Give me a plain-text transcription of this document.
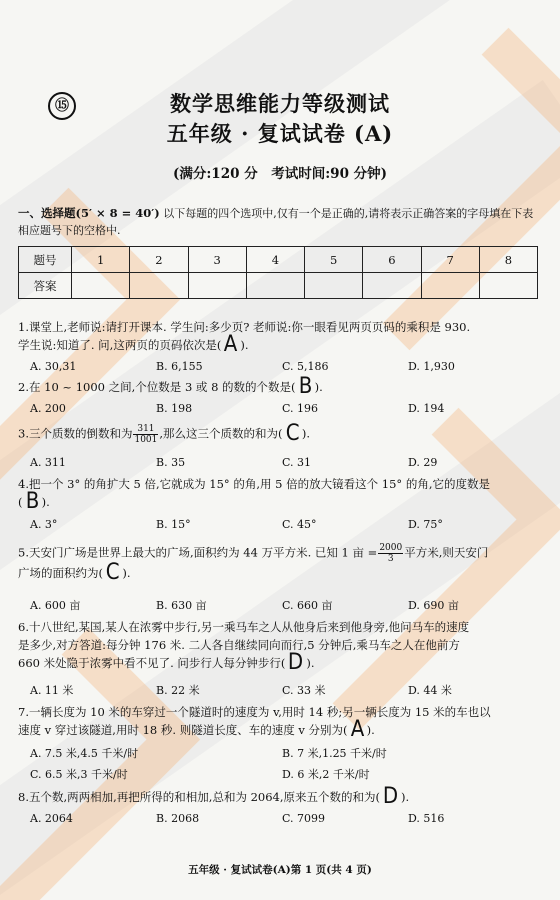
⑮	数学思维能力等级测试
五年级 · 复试试卷 (A)
(满分:120 分　考试时间:90 分钟)
一、选择题(5′ × 8 = 40′) 以下每题的四个选项中,仅有一个是正确的,请将表示正确答案的字母填在下表相应题号下的空格中.
题号	1	2	3	4	5	6	7	8
答案								
1.课堂上,老师说:请打开课本. 学生问:多少页? 老师说:你一眼看见两页页码的乘积是 930.
学生说:知道了. 问,这两页的页码依次是( A ).
A. 30,31	B. 6,155	C. 5,186	D. 1,930
2.在 10 ~ 1000 之间,个位数是 3 或 8 的数的个数是( B ).
A. 200	B. 198	C. 196	D. 194
3.三个质数的倒数和为 $\frac{311}{1001}$ ,那么这三个质数的和为( C ).
A. 311	B. 35	C. 31	D. 29
4.把一个 3° 的角扩大 5 倍,它就成为 15° 的角,用 5 倍的放大镜看这个 15° 的角,它的度数是
( B ).
A. 3°	B. 15°	C. 45°	D. 75°
5.天安门广场是世界上最大的广场,面积约为 44 万平方米. 已知 1 亩 = $\frac{2000}{3}$ 平方米,则天安门
广场的面积约为( C ).
A. 600 亩	B. 630 亩	C. 660 亩	D. 690 亩
6.十八世纪,某国,某人在浓雾中步行,另一乘马车之人从他身后来到他身旁,他问马车的速度
是多少,对方答道:每分钟 176 米. 二人各自继续同向而行,5 分钟后,乘马车之人在他前方
660 米处隐于浓雾中看不见了. 问步行人每分钟步行( D ).
A. 11 米	B. 22 米	C. 33 米	D. 44 米
7.一辆长度为 10 米的车穿过一个隧道时的速度为 v,用时 14 秒;另一辆长度为 15 米的车也以
速度 v 穿过该隧道,用时 18 秒. 则隧道长度、车的速度 v 分别为( A ).
A. 7.5 米,4.5 千米/时	B. 7 米,1.25 千米/时
C. 6.5 米,3 千米/时	D. 6 米,2 千米/时
8.五个数,两两相加,再把所得的和相加,总和为 2064,原来五个数的和为( D ).
A. 2064	B. 2068	C. 7099	D. 516
五年级 · 复试试卷(A)第 1 页(共 4 页)
